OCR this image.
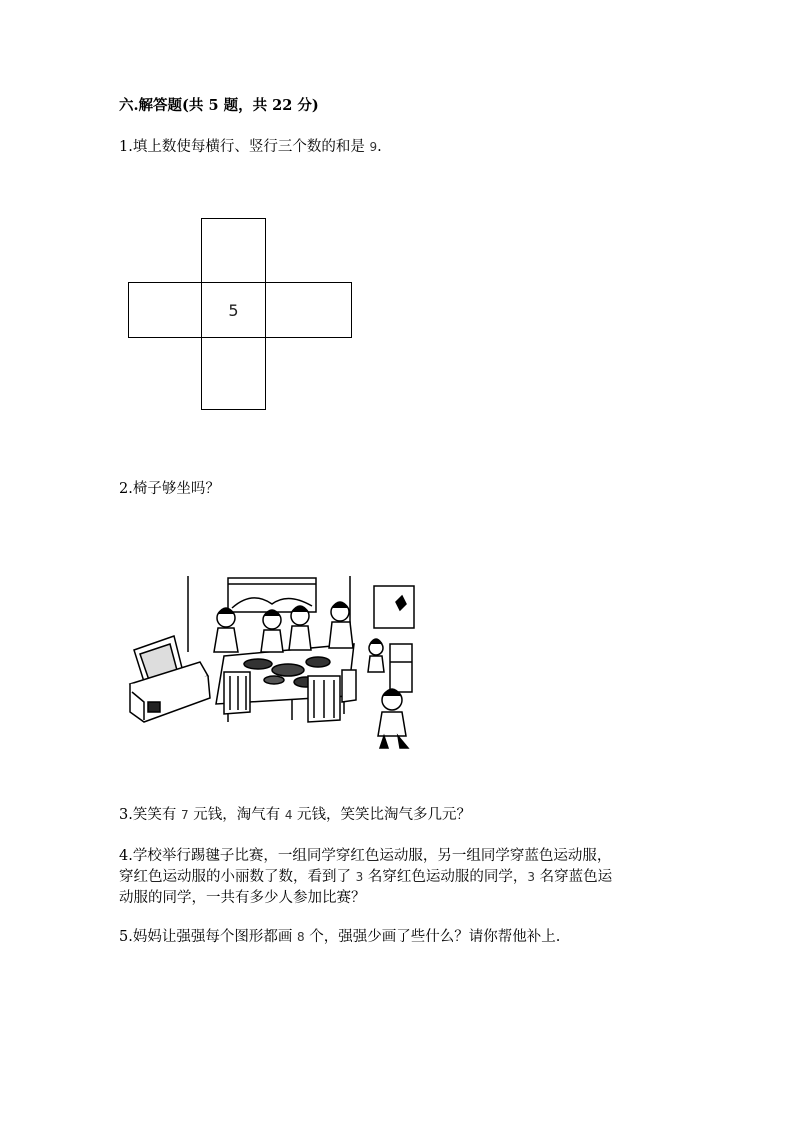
六.解答题(共 5 题，共 22 分)
1.填上数使每横行、竖行三个数的和是 9.
5
2.椅子够坐吗？
3.笑笑有 7 元钱，淘气有 4 元钱，笑笑比淘气多几元？
4.学校举行踢毽子比赛，一组同学穿红色运动服，另一组同学穿蓝色运动服，
穿红色运动服的小丽数了数，看到了 3 名穿红色运动服的同学，3 名穿蓝色运
动服的同学，一共有多少人参加比赛？
5.妈妈让强强每个图形都画 8 个，强强少画了些什么？请你帮他补上.
